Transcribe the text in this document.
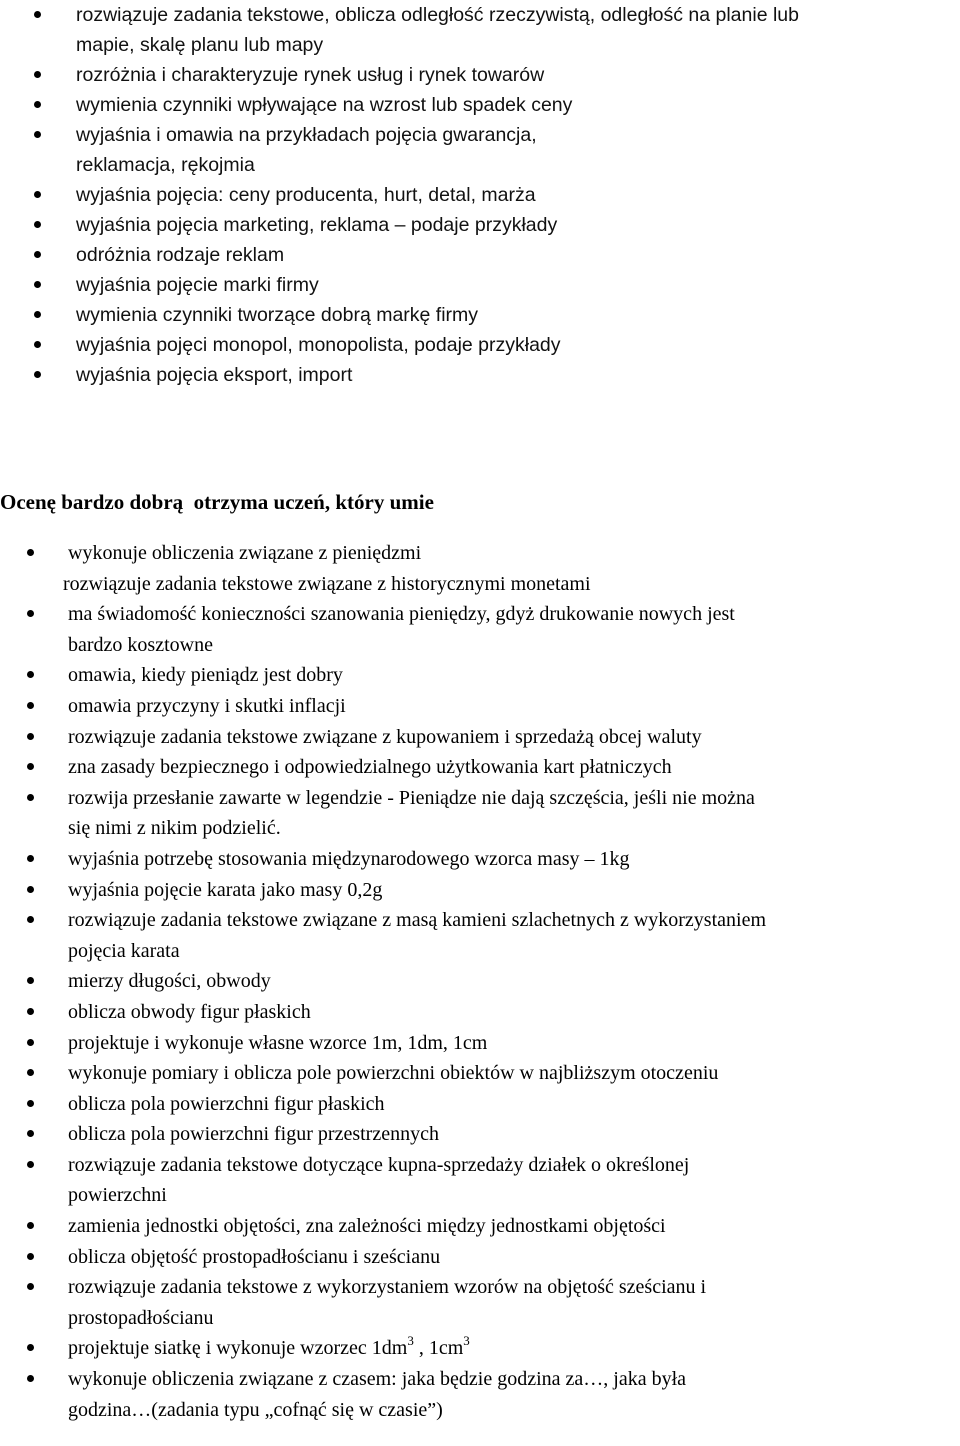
rozwiązuje zadania tekstowe, oblicza odległość rzeczywistą, odległość na planie lub
mapie, skalę planu lub mapy
rozróżnia i charakteryzuje rynek usług i rynek towarów
wymienia czynniki wpływające na wzrost lub spadek ceny
wyjaśnia i omawia na przykładach pojęcia gwarancja,
reklamacja, rękojmia
wyjaśnia pojęcia: ceny producenta, hurt, detal, marża
wyjaśnia pojęcia marketing, reklama – podaje przykłady
odróżnia rodzaje reklam
wyjaśnia pojęcie marki firmy
wymienia czynniki tworzące dobrą markę firmy
wyjaśnia pojęci monopol, monopolista, podaje przykłady
wyjaśnia pojęcia eksport, import
Ocenę bardzo dobrą  otrzyma uczeń, który umie
wykonuje obliczenia związane z pieniędzmi
rozwiązuje zadania tekstowe związane z historycznymi monetami
ma świadomość konieczności szanowania pieniędzy, gdyż drukowanie nowych jest
bardzo kosztowne
omawia, kiedy pieniądz jest dobry
omawia przyczyny i skutki inflacji
rozwiązuje zadania tekstowe związane z kupowaniem i sprzedażą obcej waluty
zna zasady bezpiecznego i odpowiedzialnego użytkowania kart płatniczych
rozwija przesłanie zawarte w legendzie - Pieniądze nie dają szczęścia, jeśli nie można
się nimi z nikim podzielić.
wyjaśnia potrzebę stosowania międzynarodowego wzorca masy – 1kg
wyjaśnia pojęcie karata jako masy 0,2g
rozwiązuje zadania tekstowe związane z masą kamieni szlachetnych z wykorzystaniem
pojęcia karata
mierzy długości, obwody
oblicza obwody figur płaskich
projektuje i wykonuje własne wzorce 1m, 1dm, 1cm
wykonuje pomiary i oblicza pole powierzchni obiektów w najbliższym otoczeniu
oblicza pola powierzchni figur płaskich
oblicza pola powierzchni figur przestrzennych
rozwiązuje zadania tekstowe dotyczące kupna-sprzedaży działek o określonej
powierzchni
zamienia jednostki objętości, zna zależności między jednostkami objętości
oblicza objętość prostopadłościanu i sześcianu
rozwiązuje zadania tekstowe z wykorzystaniem wzorów na objętość sześcianu i
prostopadłościanu
projektuje siatkę i wykonuje wzorzec $1dm^3$ , $1cm^3$
wykonuje obliczenia związane z czasem: jaka będzie godzina za…, jaka była
godzina…(zadania typu „cofnąć się w czasie”)
